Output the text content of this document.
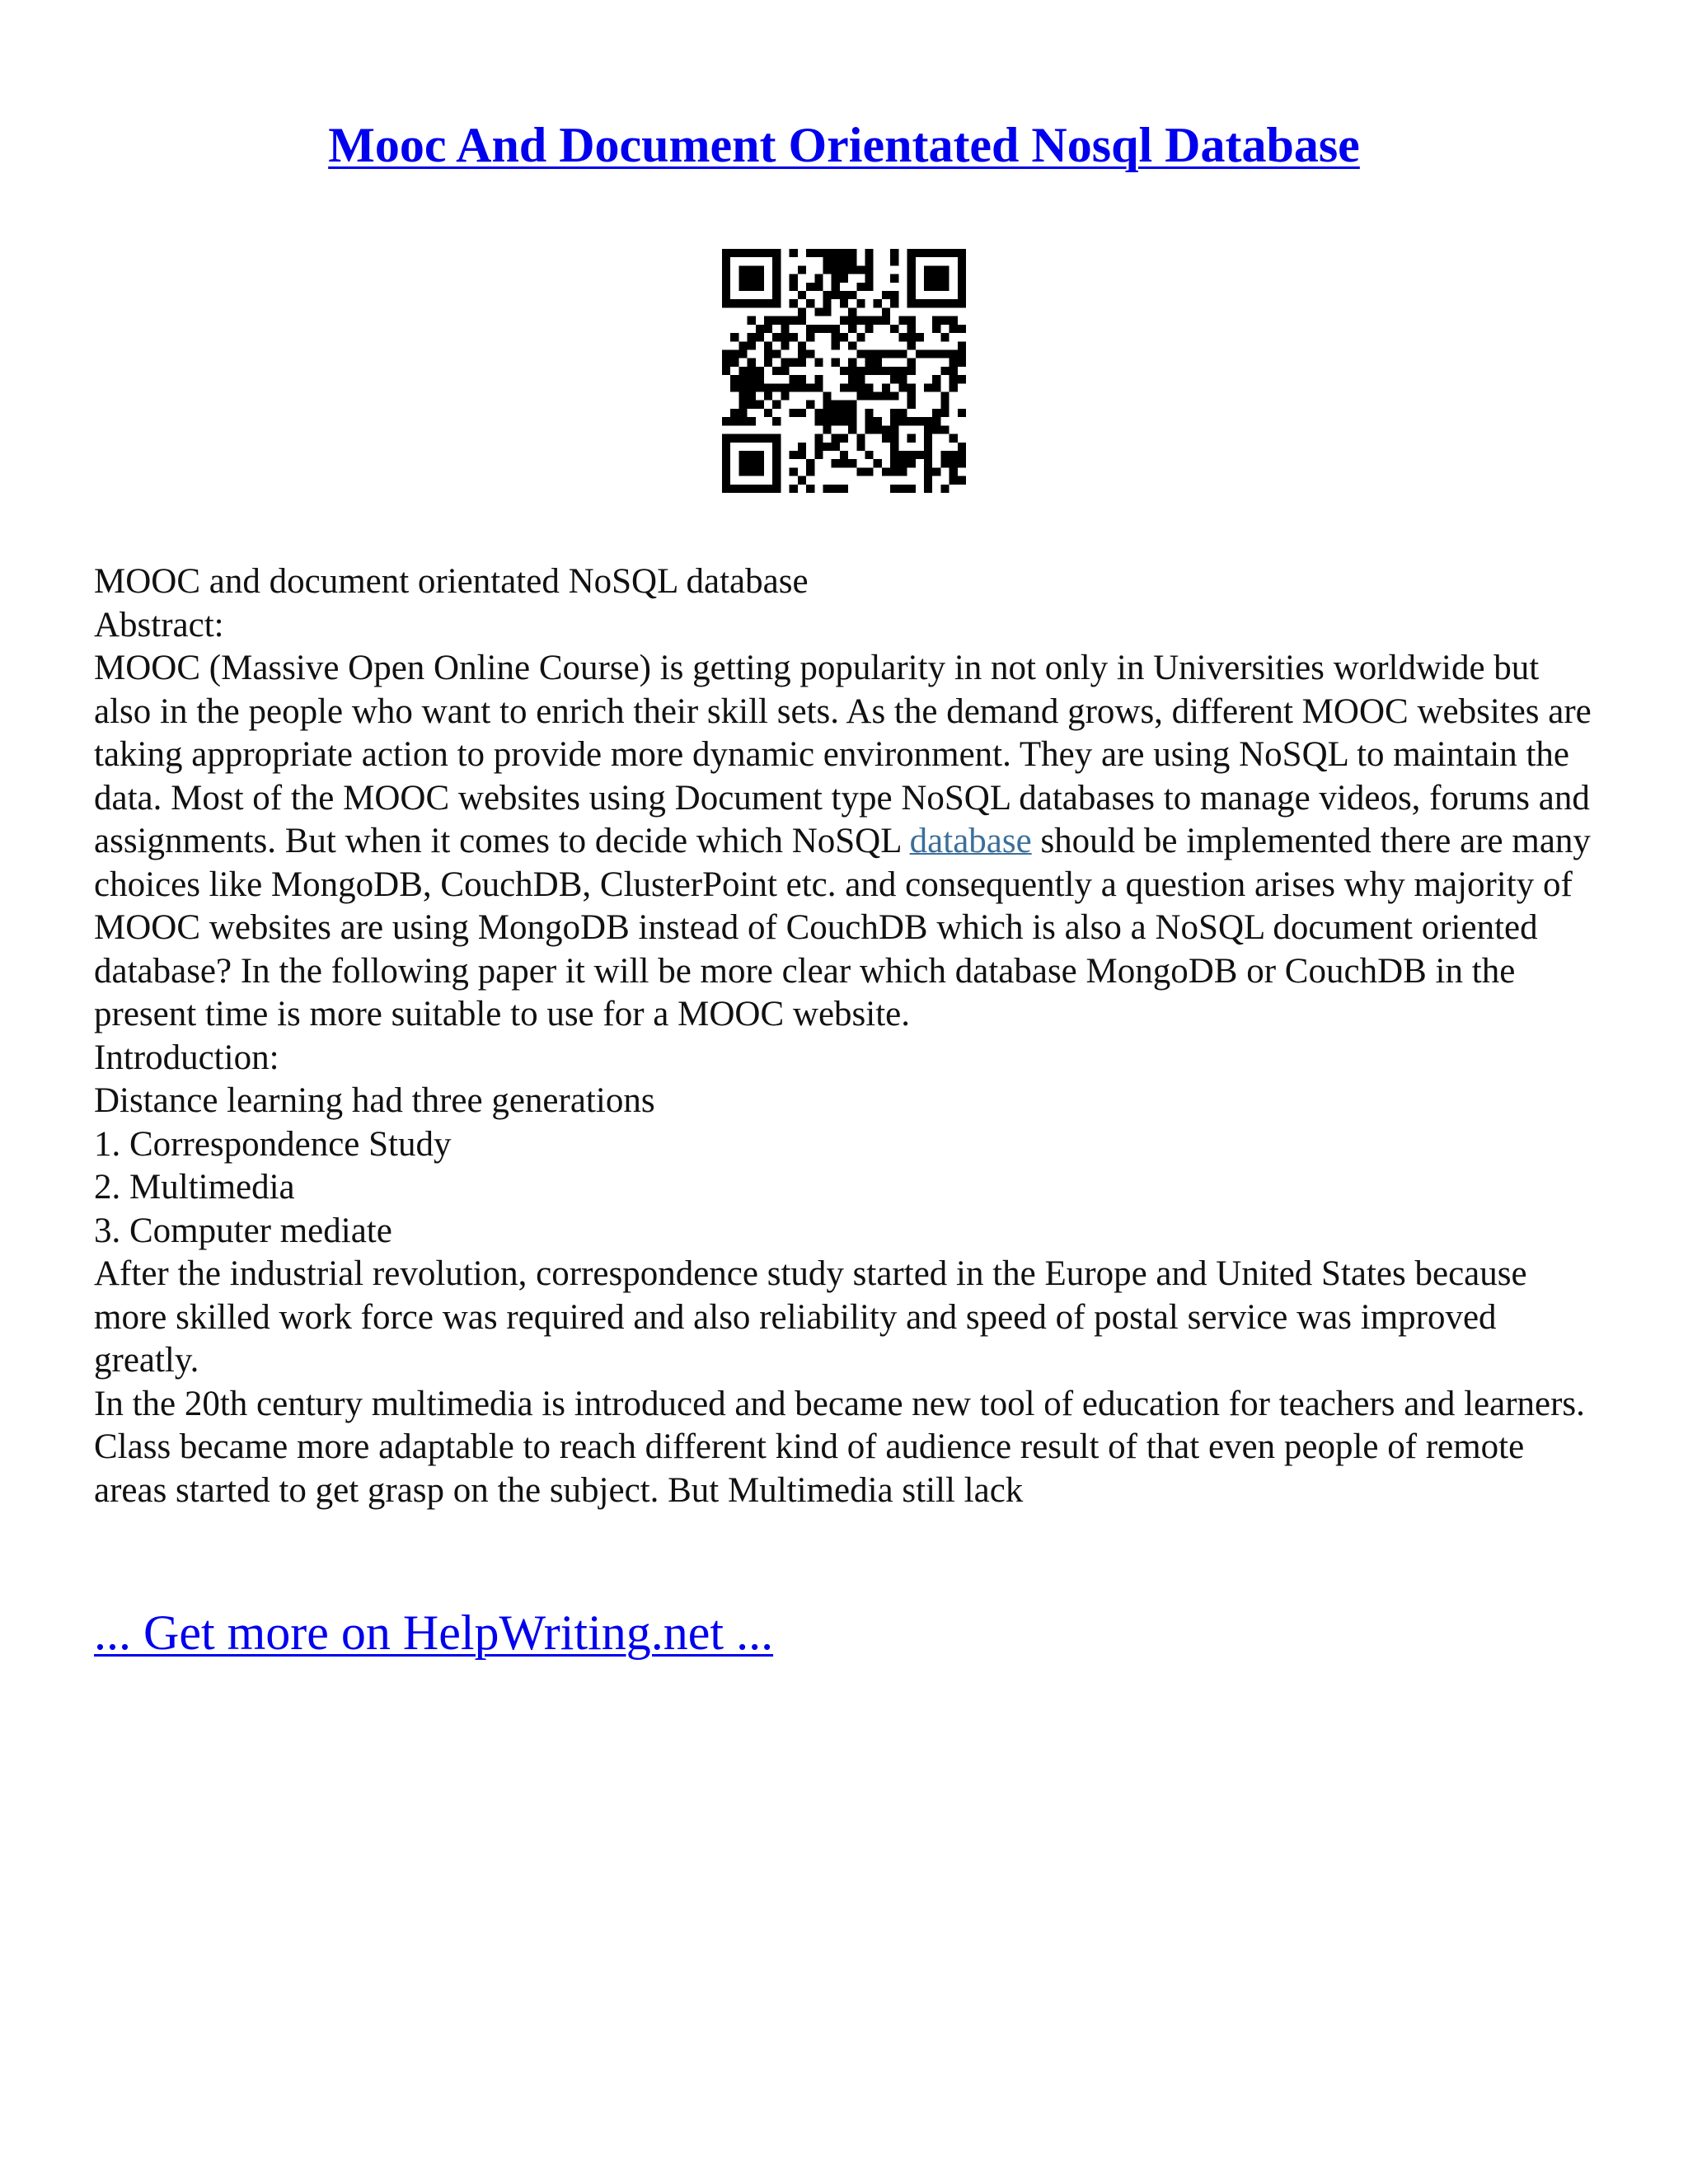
Mooc And Document Orientated Nosql Database

MOOC and document orientated NoSQL database

Abstract:

MOOC (Massive Open Online Course) is getting popularity in not only in Universities worldwide but also in the people who want to enrich their skill sets. As the demand grows, different MOOC websites are taking appropriate action to provide more dynamic environment. They are using NoSQL to maintain the data. Most of the MOOC websites using Document type NoSQL databases to manage videos, forums and assignments. But when it comes to decide which NoSQL database should be implemented there are many choices like MongoDB, CouchDB, ClusterPoint etc. and consequently a question arises why majority of MOOC websites are using MongoDB instead of CouchDB which is also a NoSQL document oriented database? In the following paper it will be more clear which database MongoDB or CouchDB in the present time is more suitable to use for a MOOC website.

Introduction:

Distance learning had three generations

1. Correspondence Study

2. Multimedia

3. Computer mediate

After the industrial revolution, correspondence study started in the Europe and United States because more skilled work force was required and also reliability and speed of postal service was improved greatly.

In the 20th century multimedia is introduced and became new tool of education for teachers and learners. Class became more adaptable to reach different kind of audience result of that even people of remote areas started to get grasp on the subject. But Multimedia still lack

... Get more on HelpWriting.net ...
